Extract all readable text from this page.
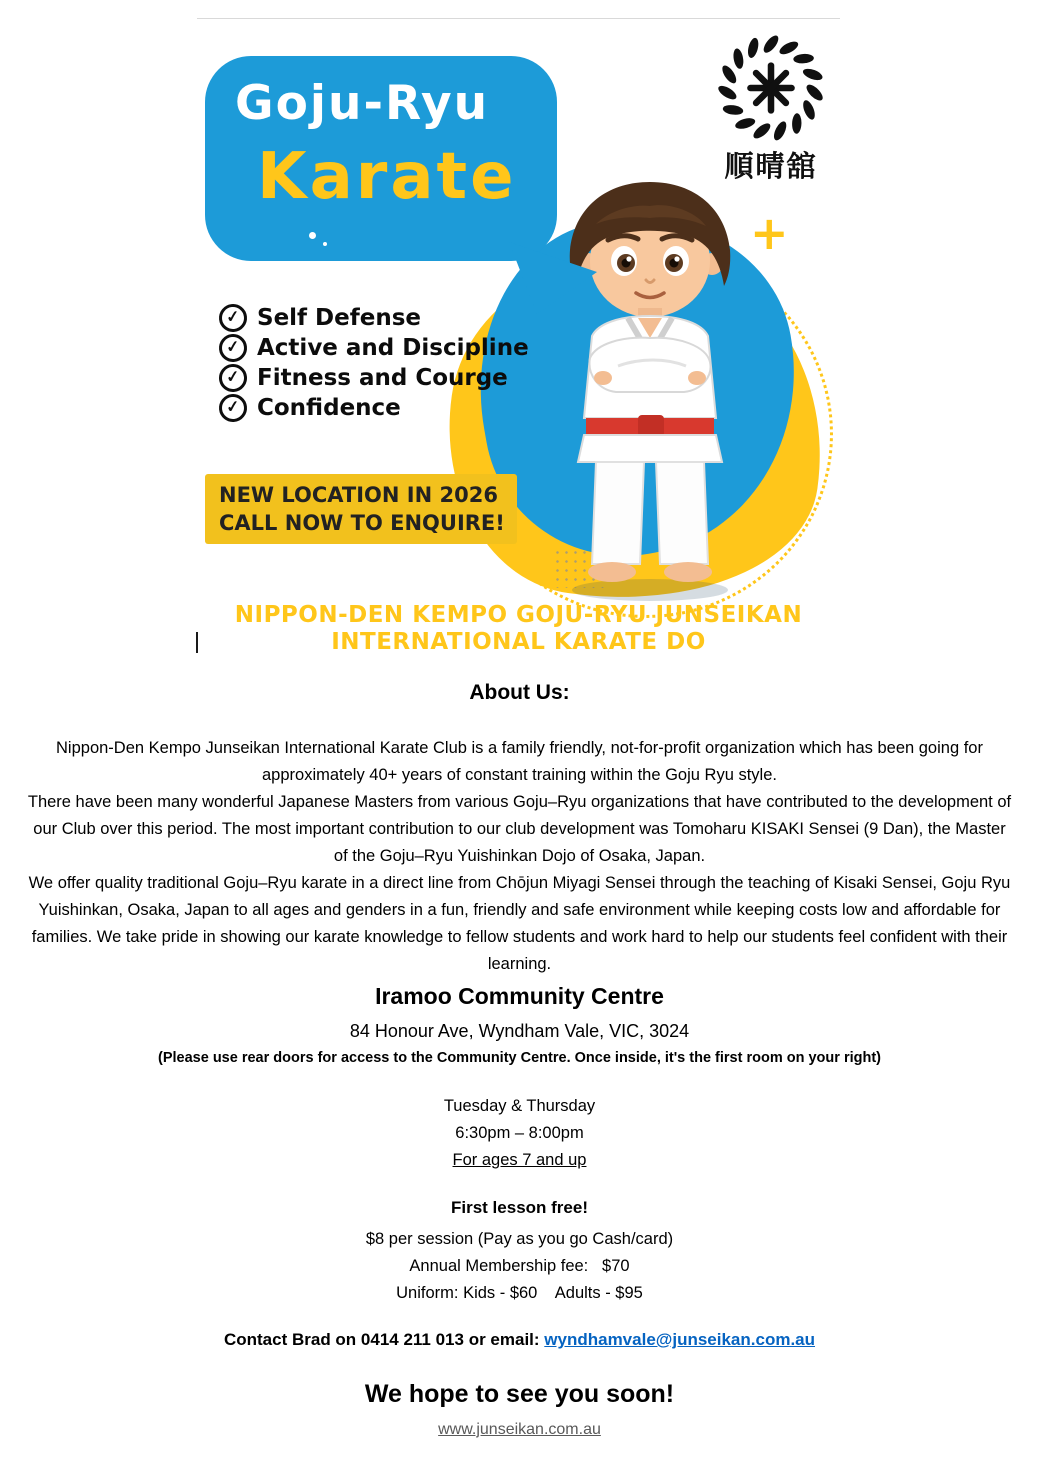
Goju-Ryu
Karate	順晴舘
+
✓ Self Defense
✓ Active and Discipline
✓ Fitness and Courge
✓ Confidence
NEW LOCATION IN 2026
CALL NOW TO ENQUIRE!
NIPPON-DEN KEMPO GOJU-RYU JUNSEIKAN
INTERNATIONAL KARATE DO
About Us:

Nippon-Den Kempo Junseikan International Karate Club is a family friendly, not-for-profit organization which has been going for approximately 40+ years of constant training within the Goju Ryu style.

There have been many wonderful Japanese Masters from various Goju–Ryu organizations that have contributed to the development of our Club over this period. The most important contribution to our club development was Tomoharu KISAKI Sensei (9 Dan), the Master of the Goju–Ryu Yuishinkan Dojo of Osaka, Japan.

We offer quality traditional Goju–Ryu karate in a direct line from Chōjun Miyagi Sensei through the teaching of Kisaki Sensei, Goju Ryu Yuishinkan, Osaka, Japan to all ages and genders in a fun, friendly and safe environment while keeping costs low and affordable for families. We take pride in showing our karate knowledge to fellow students and work hard to help our students feel confident with their learning.

Iramoo Community Centre
84 Honour Ave, Wyndham Vale, VIC, 3024
(Please use rear doors for access to the Community Centre. Once inside, it's the first room on your right)
Tuesday & Thursday
6:30pm – 8:00pm
For ages 7 and up
First lesson free!
$8 per session (Pay as you go Cash/card)
Annual Membership fee:   $70
Uniform: Kids - $60    Adults - $95
Contact Brad on 0414 211 013 or email: wyndhamvale@junseikan.com.au
We hope to see you soon!
www.junseikan.com.au
